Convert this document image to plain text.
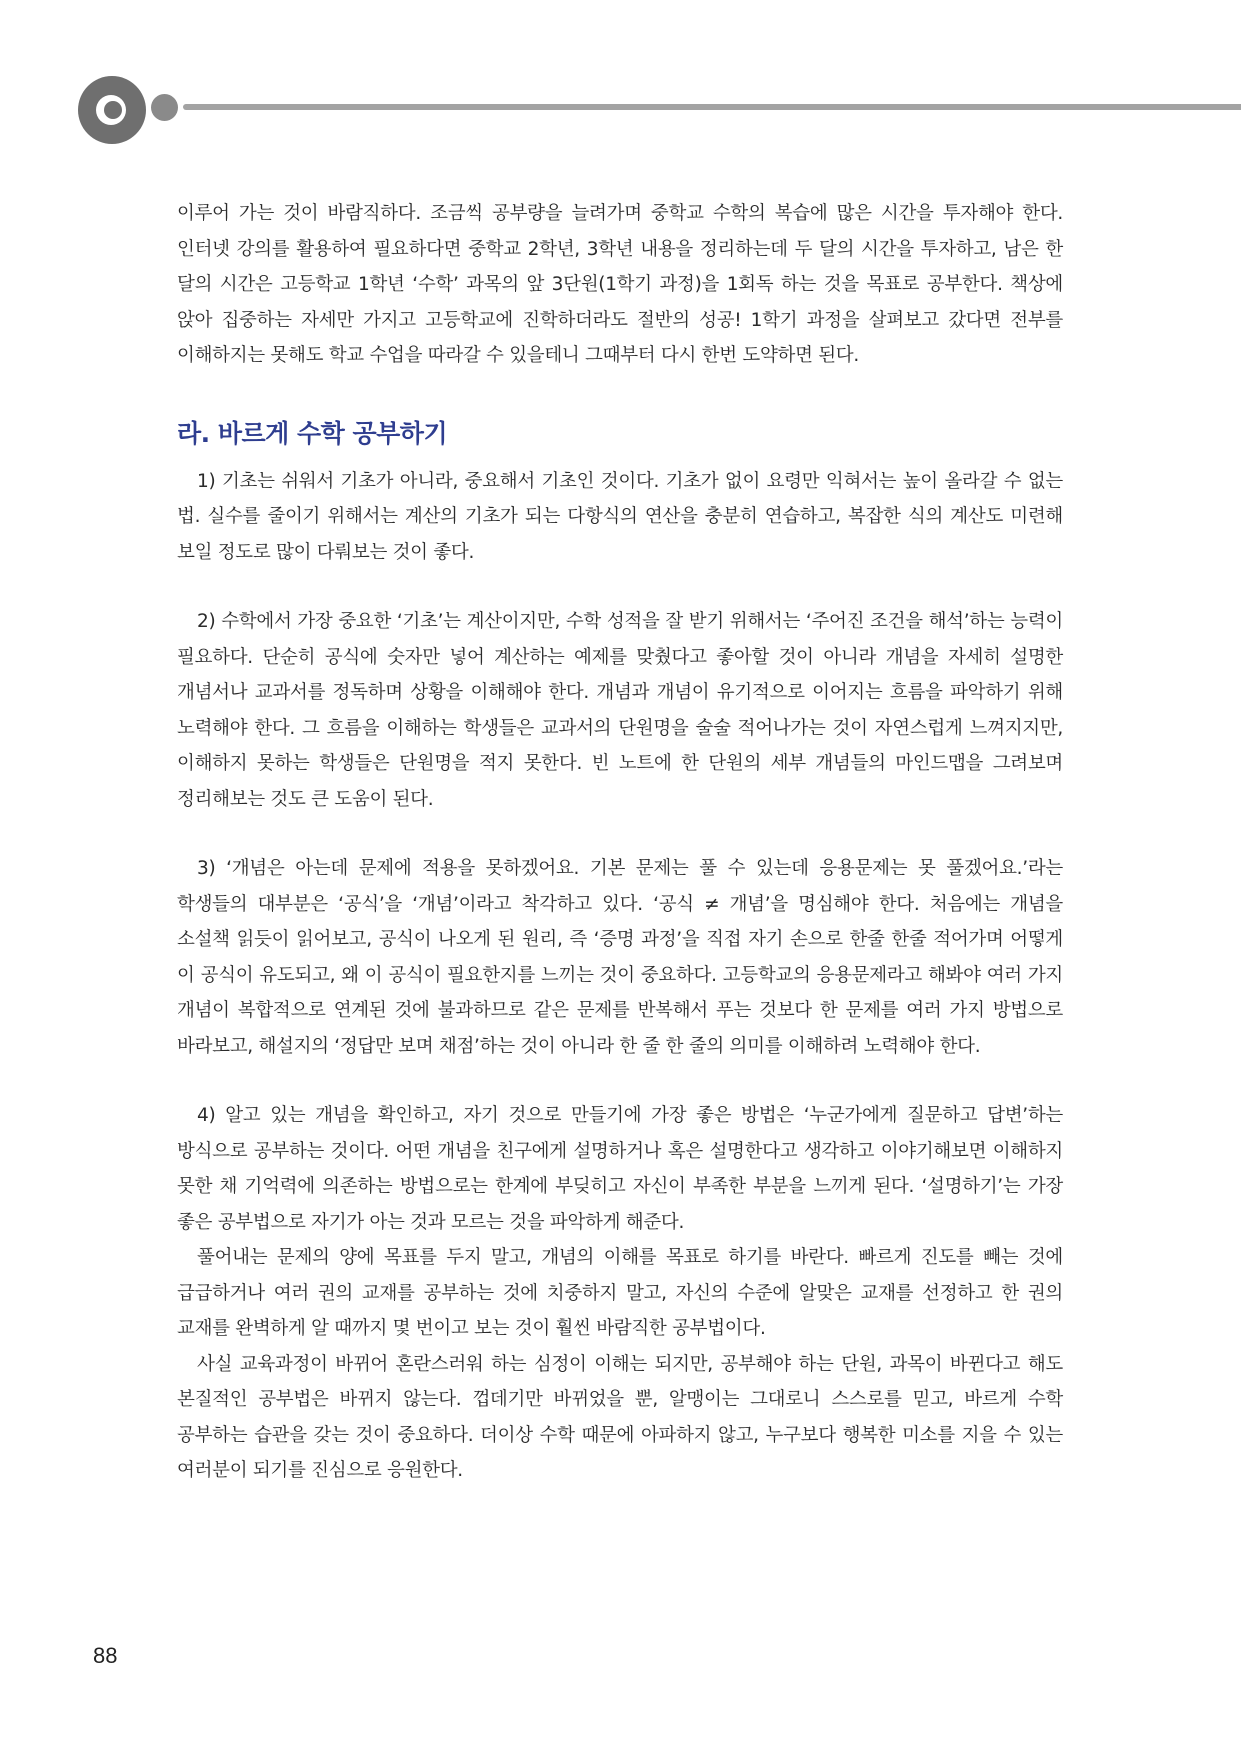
이루어 가는 것이 바람직하다. 조금씩 공부량을 늘려가며 중학교 수학의 복습에 많은 시간을 투자해야 한다. 인터넷 강의를 활용하여 필요하다면 중학교 2학년, 3학년 내용을 정리하는데 두 달의 시간을 투자하고, 남은 한 달의 시간은 고등학교 1학년 ‘수학’ 과목의 앞 3단원(1학기 과정)을 1회독 하는 것을 목표로 공부한다. 책상에 앉아 집중하는 자세만 가지고 고등학교에 진학하더라도 절반의 성공! 1학기 과정을 살펴보고 갔다면 전부를 이해하지는 못해도 학교 수업을 따라갈 수 있을테니 그때부터 다시 한번 도약하면 된다.

라. 바르게 수학 공부하기

1) 기초는 쉬워서 기초가 아니라, 중요해서 기초인 것이다. 기초가 없이 요령만 익혀서는 높이 올라갈 수 없는 법. 실수를 줄이기 위해서는 계산의 기초가 되는 다항식의 연산을 충분히 연습하고, 복잡한 식의 계산도 미련해 보일 정도로 많이 다뤄보는 것이 좋다.

2) 수학에서 가장 중요한 ‘기초’는 계산이지만, 수학 성적을 잘 받기 위해서는 ‘주어진 조건을 해석’하는 능력이 필요하다. 단순히 공식에 숫자만 넣어 계산하는 예제를 맞췄다고 좋아할 것이 아니라 개념을 자세히 설명한 개념서나 교과서를 정독하며 상황을 이해해야 한다. 개념과 개념이 유기적으로 이어지는 흐름을 파악하기 위해 노력해야 한다. 그 흐름을 이해하는 학생들은 교과서의 단원명을 술술 적어나가는 것이 자연스럽게 느껴지지만, 이해하지 못하는 학생들은 단원명을 적지 못한다. 빈 노트에 한 단원의 세부 개념들의 마인드맵을 그려보며 정리해보는 것도 큰 도움이 된다.

3) ‘개념은 아는데 문제에 적용을 못하겠어요. 기본 문제는 풀 수 있는데 응용문제는 못 풀겠어요.’라는 학생들의 대부분은 ‘공식’을 ‘개념’이라고 착각하고 있다. ‘공식 ≠ 개념’을 명심해야 한다. 처음에는 개념을 소설책 읽듯이 읽어보고, 공식이 나오게 된 원리, 즉 ‘증명 과정’을 직접 자기 손으로 한줄 한줄 적어가며 어떻게 이 공식이 유도되고, 왜 이 공식이 필요한지를 느끼는 것이 중요하다. 고등학교의 응용문제라고 해봐야 여러 가지 개념이 복합적으로 연계된 것에 불과하므로 같은 문제를 반복해서 푸는 것보다 한 문제를 여러 가지 방법으로 바라보고, 해설지의 ‘정답만 보며 채점’하는 것이 아니라 한 줄 한 줄의 의미를 이해하려 노력해야 한다.

4) 알고 있는 개념을 확인하고, 자기 것으로 만들기에 가장 좋은 방법은 ‘누군가에게 질문하고 답변’하는 방식으로 공부하는 것이다. 어떤 개념을 친구에게 설명하거나 혹은 설명한다고 생각하고 이야기해보면 이해하지 못한 채 기억력에 의존하는 방법으로는 한계에 부딪히고 자신이 부족한 부분을 느끼게 된다. ‘설명하기’는 가장 좋은 공부법으로 자기가 아는 것과 모르는 것을 파악하게 해준다.

풀어내는 문제의 양에 목표를 두지 말고, 개념의 이해를 목표로 하기를 바란다. 빠르게 진도를 빼는 것에 급급하거나 여러 권의 교재를 공부하는 것에 치중하지 말고, 자신의 수준에 알맞은 교재를 선정하고 한 권의 교재를 완벽하게 알 때까지 몇 번이고 보는 것이 훨씬 바람직한 공부법이다.

사실 교육과정이 바뀌어 혼란스러워 하는 심정이 이해는 되지만, 공부해야 하는 단원, 과목이 바뀐다고 해도 본질적인 공부법은 바뀌지 않는다. 껍데기만 바뀌었을 뿐, 알맹이는 그대로니 스스로를 믿고, 바르게 수학 공부하는 습관을 갖는 것이 중요하다. 더이상 수학 때문에 아파하지 않고, 누구보다 행복한 미소를 지을 수 있는 여러분이 되기를 진심으로 응원한다.

88
